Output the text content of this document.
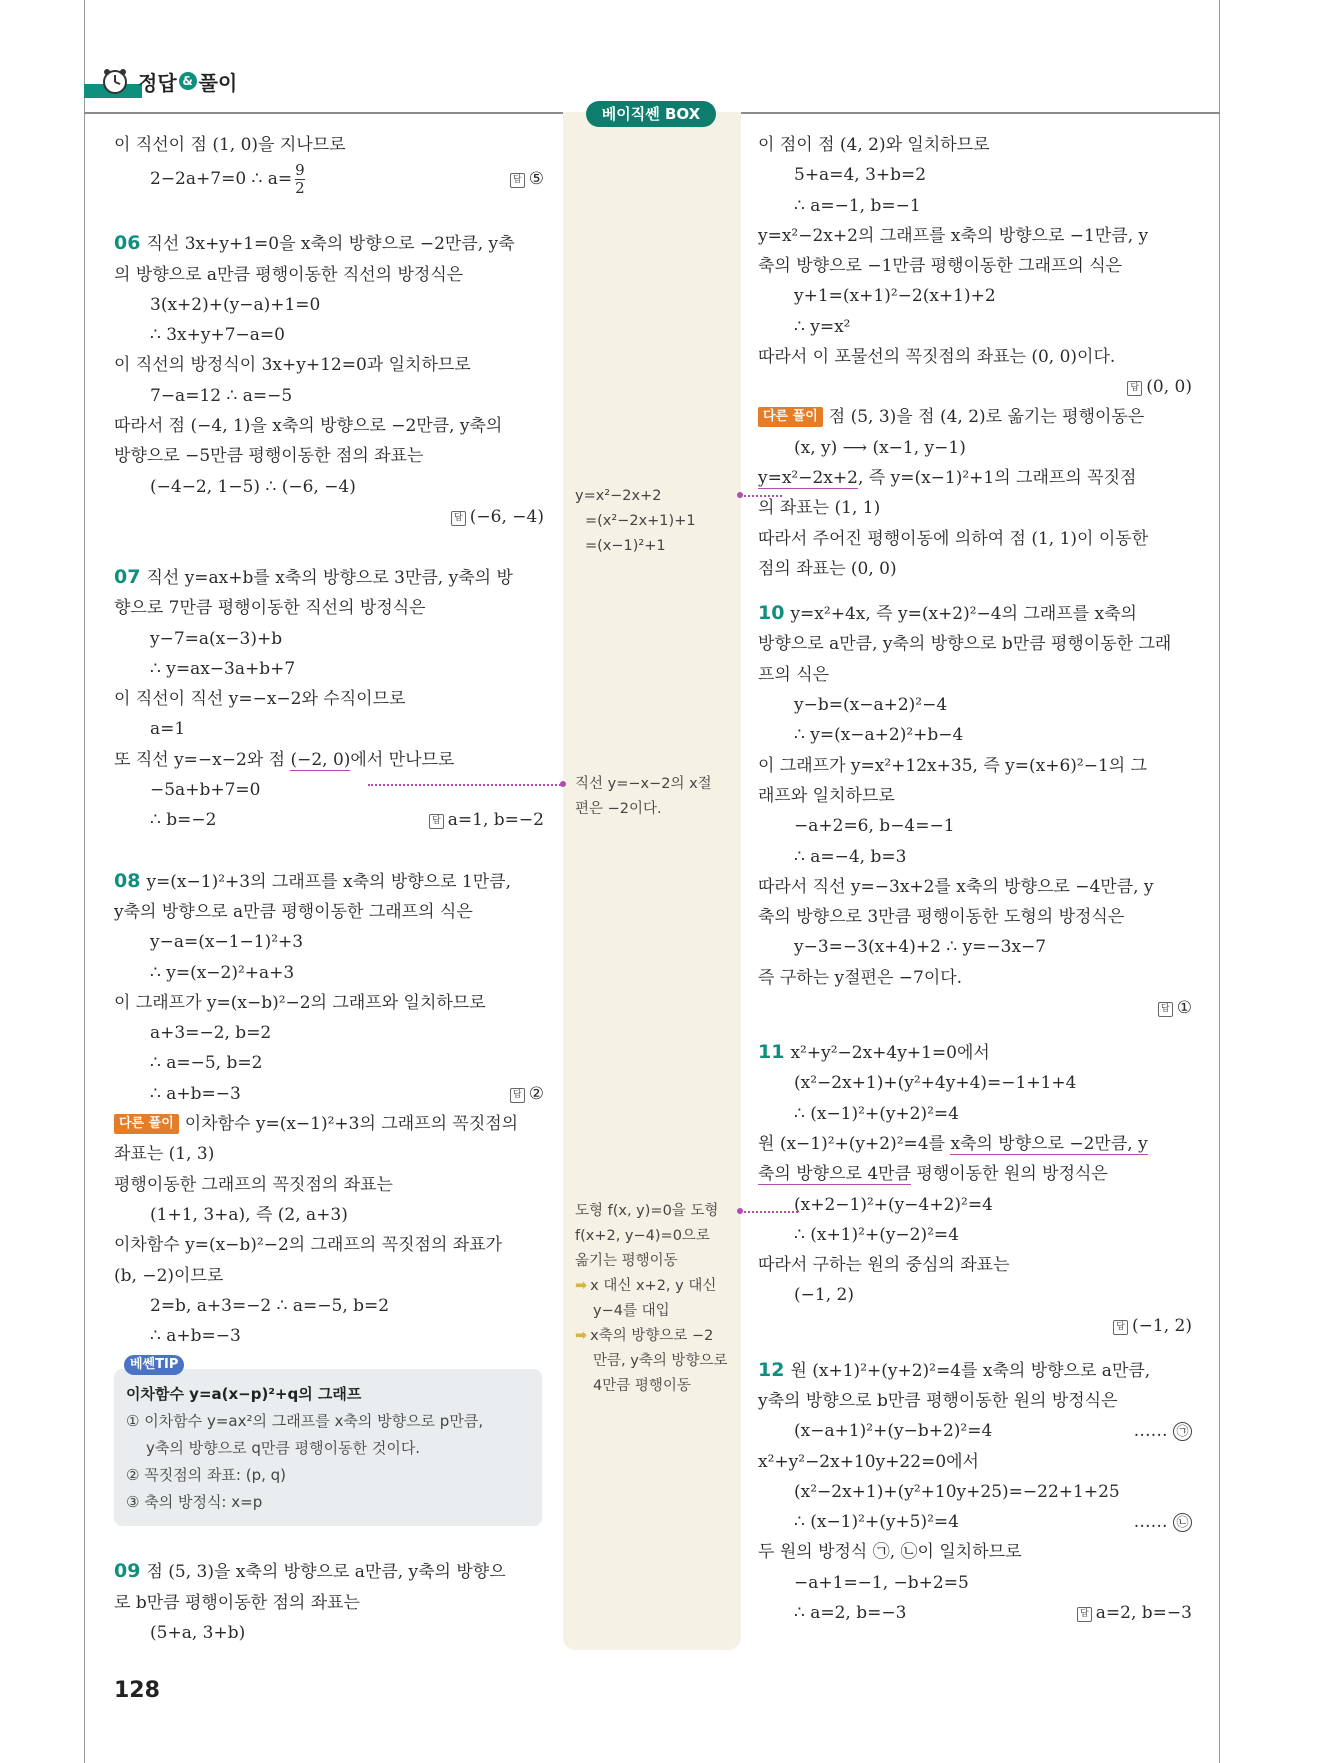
정답 & 풀이
베이직쎈 BOX
이 직선이 점 (1, 0)을 지나므로
2−2a+7=0 ∴ $a= \frac{9}{2}$	답 ⑤
06 직선 3x+y+1=0을 x축의 방향으로 −2만큼, y축
의 방향으로 a만큼 평행이동한 직선의 방정식은
3(x+2)+(y−a)+1=0
∴ 3x+y+7−a=0
이 직선의 방정식이 3x+y+12=0과 일치하므로
7−a=12 ∴ a=−5
따라서 점 (−4, 1)을 x축의 방향으로 −2만큼, y축의
방향으로 −5만큼 평행이동한 점의 좌표는
(−4−2, 1−5) ∴ (−6, −4)
답 (−6, −4)
07 직선 y=ax+b를 x축의 방향으로 3만큼, y축의 방
향으로 7만큼 평행이동한 직선의 방정식은
y−7=a(x−3)+b
∴ y=ax−3a+b+7
이 직선이 직선 y=−x−2와 수직이므로
a=1
또 직선 y=−x−2와 점 (−2, 0)에서 만나므로
−5a+b+7=0
∴ b=−2	답 a=1, b=−2
08 y=(x−1)²+3의 그래프를 x축의 방향으로 1만큼,
y축의 방향으로 a만큼 평행이동한 그래프의 식은
y−a=(x−1−1)²+3
∴ y=(x−2)²+a+3
이 그래프가 y=(x−b)²−2의 그래프와 일치하므로
a+3=−2, b=2
∴ a=−5, b=2
∴ a+b=−3	답 ②
다른 풀이 이차함수 y=(x−1)²+3의 그래프의 꼭짓점의
좌표는 (1, 3)
평행이동한 그래프의 꼭짓점의 좌표는
(1+1, 3+a), 즉 (2, a+3)
이차함수 y=(x−b)²−2의 그래프의 꼭짓점의 좌표가
(b, −2)이므로
2=b, a+3=−2 ∴ a=−5, b=2
∴ a+b=−3
베쎈TIP
이차함수 y=a(x−p)²+q의 그래프
① 이차함수 y=ax²의 그래프를 x축의 방향으로 p만큼,
y축의 방향으로 q만큼 평행이동한 것이다.
② 꼭짓점의 좌표: (p, q)
③ 축의 방정식: x=p
09 점 (5, 3)을 x축의 방향으로 a만큼, y축의 방향으
로 b만큼 평행이동한 점의 좌표는
(5+a, 3+b)
y=x²−2x+2
=(x²−2x+1)+1
=(x−1)²+1
직선 y=−x−2의 x절
편은 −2이다.
도형 f(x, y)=0을 도형
f(x+2, y−4)=0으로
옮기는 평행이동
➡ x 대신 x+2, y 대신
y−4를 대입
➡ x축의 방향으로 −2
만큼, y축의 방향으로
4만큼 평행이동
이 점이 점 (4, 2)와 일치하므로
5+a=4, 3+b=2
∴ a=−1, b=−1
y=x²−2x+2의 그래프를 x축의 방향으로 −1만큼, y
축의 방향으로 −1만큼 평행이동한 그래프의 식은
y+1=(x+1)²−2(x+1)+2
∴ y=x²
따라서 이 포물선의 꼭짓점의 좌표는 (0, 0)이다.
답 (0, 0)
다른 풀이 점 (5, 3)을 점 (4, 2)로 옮기는 평행이동은
(x, y) ⟶ (x−1, y−1)
y=x²−2x+2, 즉 y=(x−1)²+1의 그래프의 꼭짓점
의 좌표는 (1, 1)
따라서 주어진 평행이동에 의하여 점 (1, 1)이 이동한
점의 좌표는 (0, 0)
10 y=x²+4x, 즉 y=(x+2)²−4의 그래프를 x축의
방향으로 a만큼, y축의 방향으로 b만큼 평행이동한 그래
프의 식은
y−b=(x−a+2)²−4
∴ y=(x−a+2)²+b−4
이 그래프가 y=x²+12x+35, 즉 y=(x+6)²−1의 그
래프와 일치하므로
−a+2=6, b−4=−1
∴ a=−4, b=3
따라서 직선 y=−3x+2를 x축의 방향으로 −4만큼, y
축의 방향으로 3만큼 평행이동한 도형의 방정식은
y−3=−3(x+4)+2 ∴ y=−3x−7
즉 구하는 y절편은 −7이다.
답 ①
11 x²+y²−2x+4y+1=0에서
(x²−2x+1)+(y²+4y+4)=−1+1+4
∴ (x−1)²+(y+2)²=4
원 (x−1)²+(y+2)²=4를 x축의 방향으로 −2만큼, y
축의 방향으로 4만큼 평행이동한 원의 방정식은
(x+2−1)²+(y−4+2)²=4
∴ (x+1)²+(y−2)²=4
따라서 구하는 원의 중심의 좌표는
(−1, 2)
답 (−1, 2)
12 원 (x+1)²+(y+2)²=4를 x축의 방향으로 a만큼,
y축의 방향으로 b만큼 평행이동한 원의 방정식은
(x−a+1)²+(y−b+2)²=4	…… ㉠
x²+y²−2x+10y+22=0에서
(x²−2x+1)+(y²+10y+25)=−22+1+25
∴ (x−1)²+(y+5)²=4	…… ㉡
두 원의 방정식 ㉠, ㉡이 일치하므로
−a+1=−1, −b+2=5
∴ a=2, b=−3	답 a=2, b=−3
128
